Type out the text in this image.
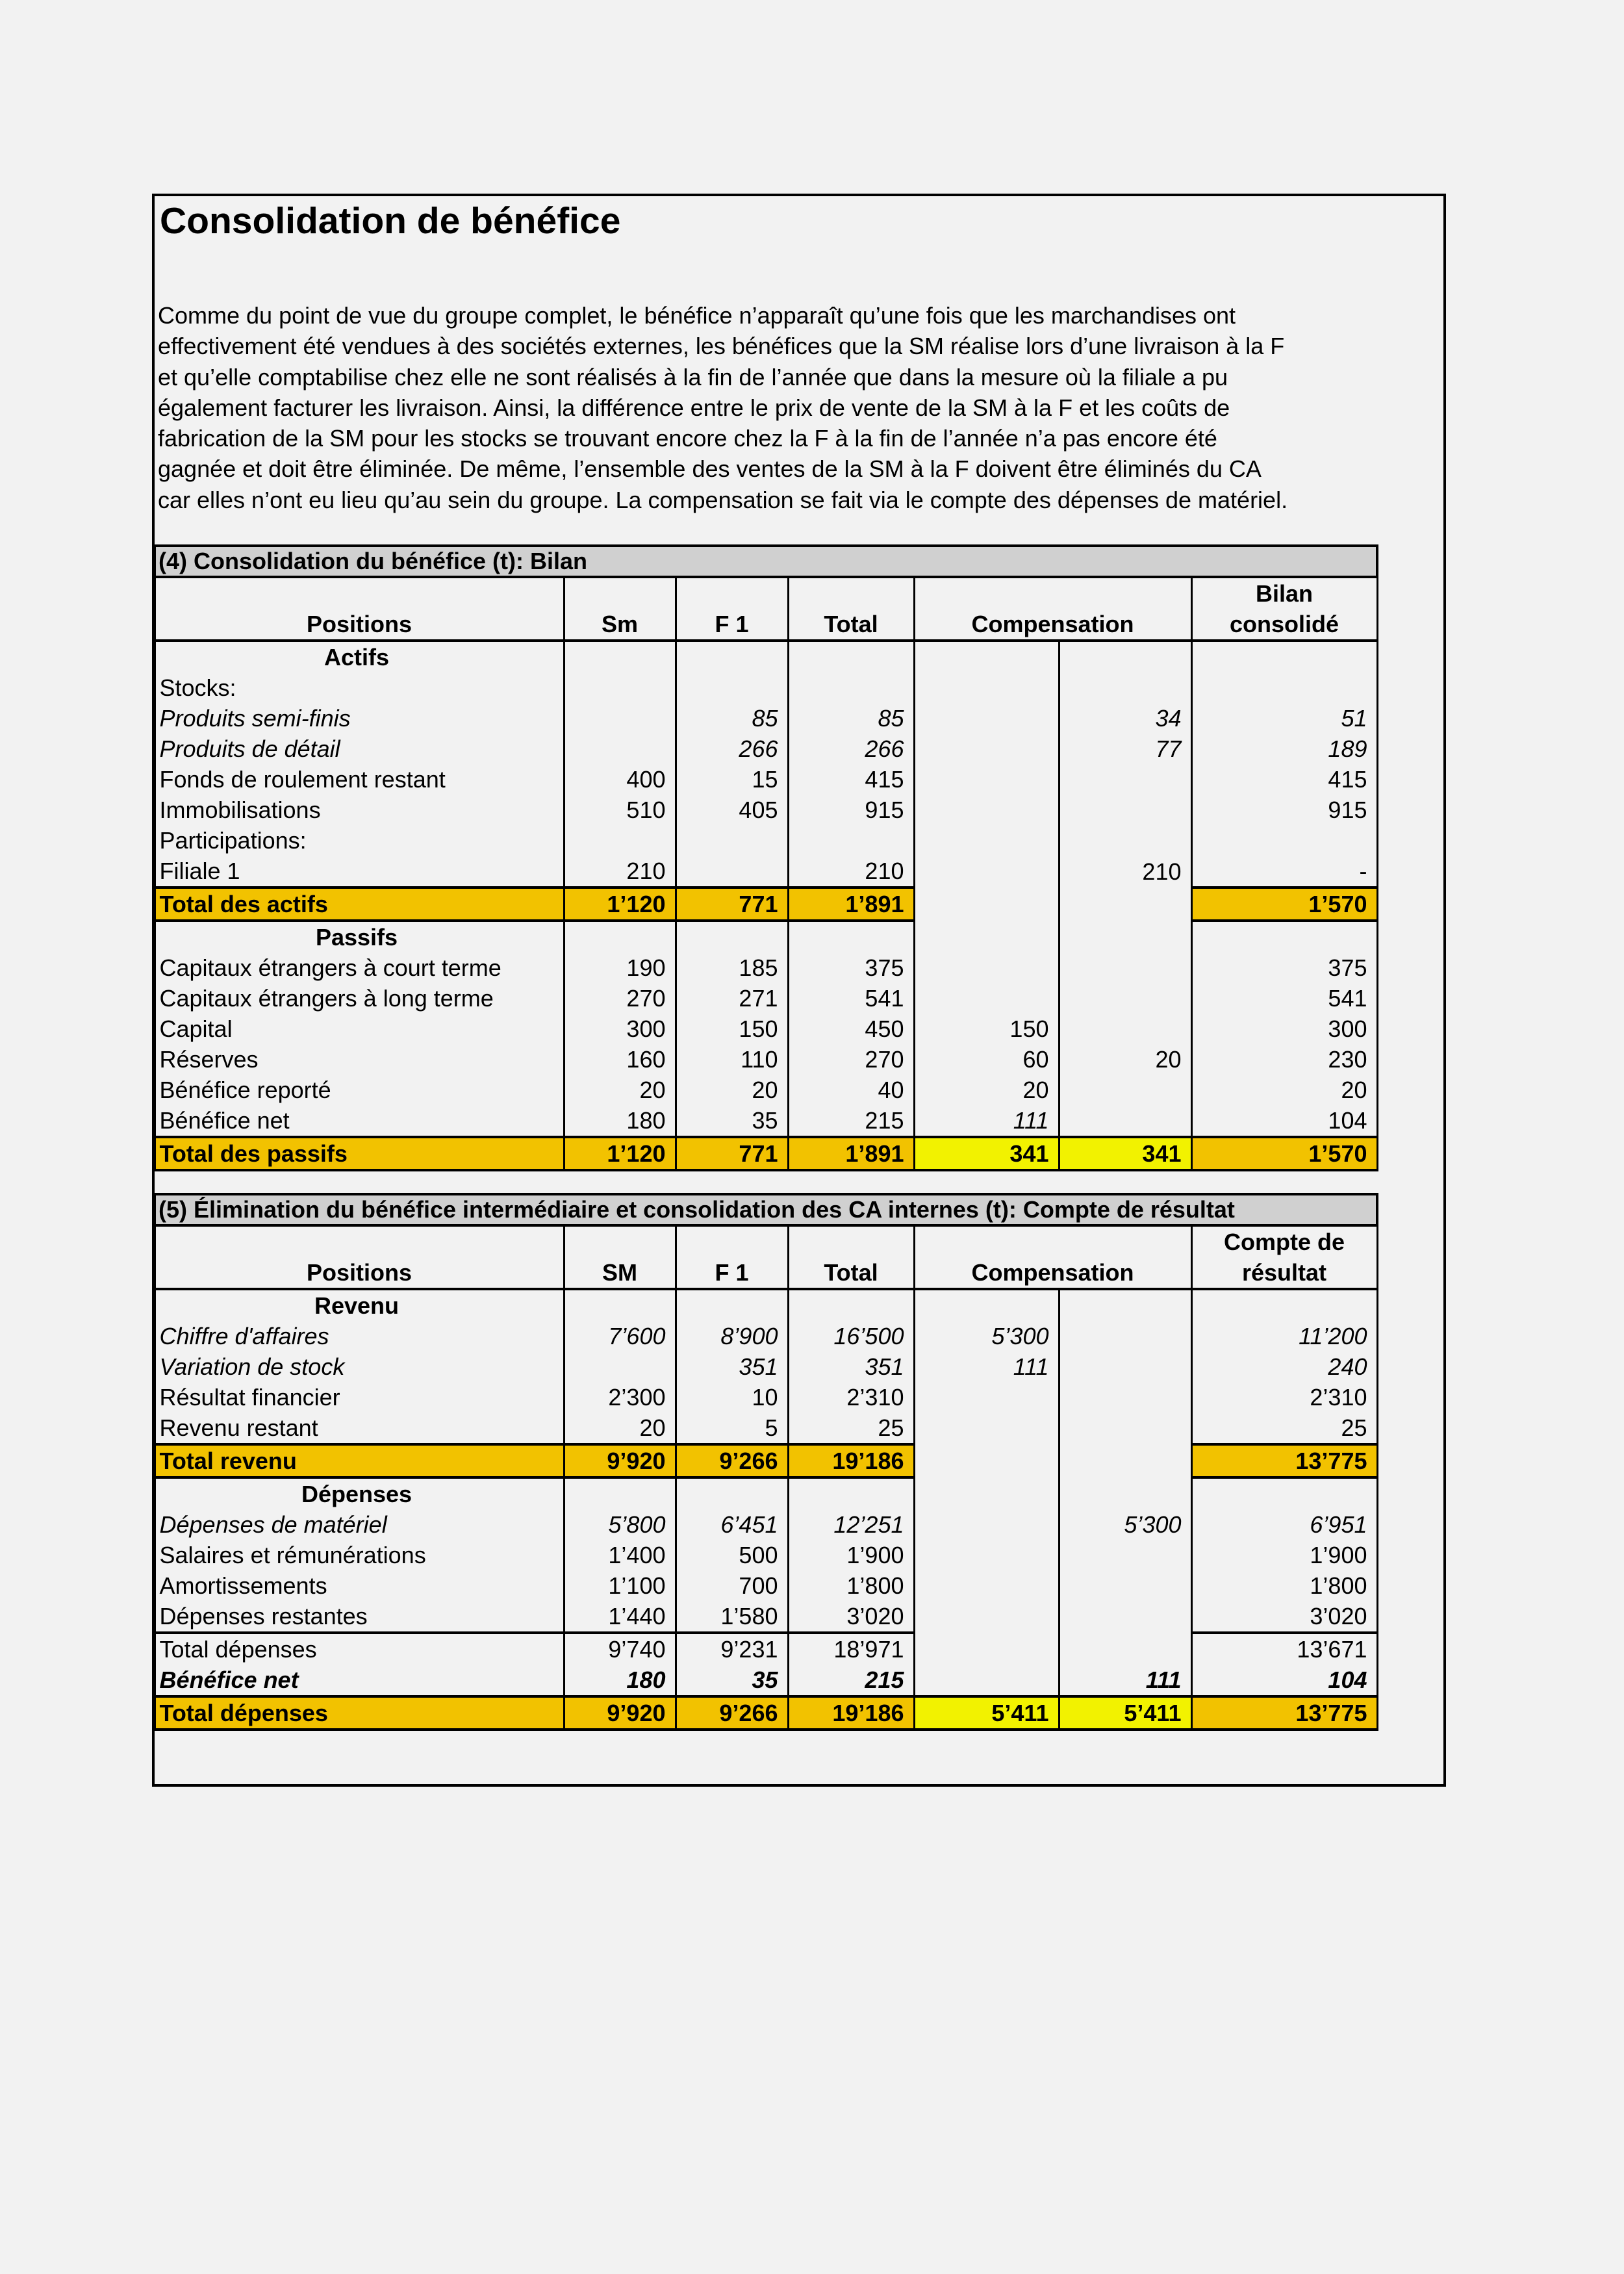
Consolidation de bénéfice
Comme du point de vue du groupe complet, le bénéfice n’apparaît qu’une fois que les marchandises ont
effectivement été vendues à des sociétés externes, les bénéfices que la SM réalise lors d’une livraison à la F
et qu’elle comptabilise chez elle ne sont réalisés à la fin de l’année que dans la mesure où la filiale a pu
également facturer les livraison. Ainsi, la différence entre le prix de vente de la SM à la F et les coûts de
fabrication de la SM pour les stocks se trouvant encore chez la F à la fin de l’année n’a pas encore été
gagnée et doit être éliminée. De même, l’ensemble des ventes de la SM à la F doivent être éliminés du CA
car elles n’ont eu lieu qu’au sein du groupe. La compensation se fait via le compte des dépenses de matériel.
(4) Consolidation du bénéfice (t): Bilan						
Positions	Sm	F 1	Total	Compensation		Bilan
consolidé
Actifs						
Stocks:						
Produits semi-finis		85	85		34	51
Produits de détail		266	266		77	189
Fonds de roulement restant	400	15	415			415
Immobilisations	510	405	915			915
Participations:						
Filiale 1	210		210		210	-
Total des actifs	1’120	771	1’891			1’570
Passifs						
Capitaux étrangers à court terme	190	185	375			375
Capitaux étrangers à long terme	270	271	541			541
Capital	300	150	450	150		300
Réserves	160	110	270	60	20	230
Bénéfice reporté	20	20	40	20		20
Bénéfice net	180	35	215	111		104
Total des passifs	1’120	771	1’891	341	341	1’570
(5) Élimination du bénéfice intermédiaire et consolidation des CA internes (t): Compte de résultat						
Positions	SM	F 1	Total	Compensation		Compte de
résultat
Revenu						
Chiffre d'affaires	7’600	8’900	16’500	5’300		11’200
Variation de stock		351	351	111		240
Résultat financier	2’300	10	2’310			2’310
Revenu restant	20	5	25			25
Total revenu	9’920	9’266	19’186			13’775
Dépenses						
Dépenses de matériel	5’800	6’451	12’251		5’300	6’951
Salaires et rémunérations	1’400	500	1’900			1’900
Amortissements	1’100	700	1’800			1’800
Dépenses restantes	1’440	1’580	3’020			3’020
Total dépenses	9’740	9’231	18’971			13’671
Bénéfice net	180	35	215		111	104
Total dépenses	9’920	9’266	19’186	5’411	5’411	13’775
